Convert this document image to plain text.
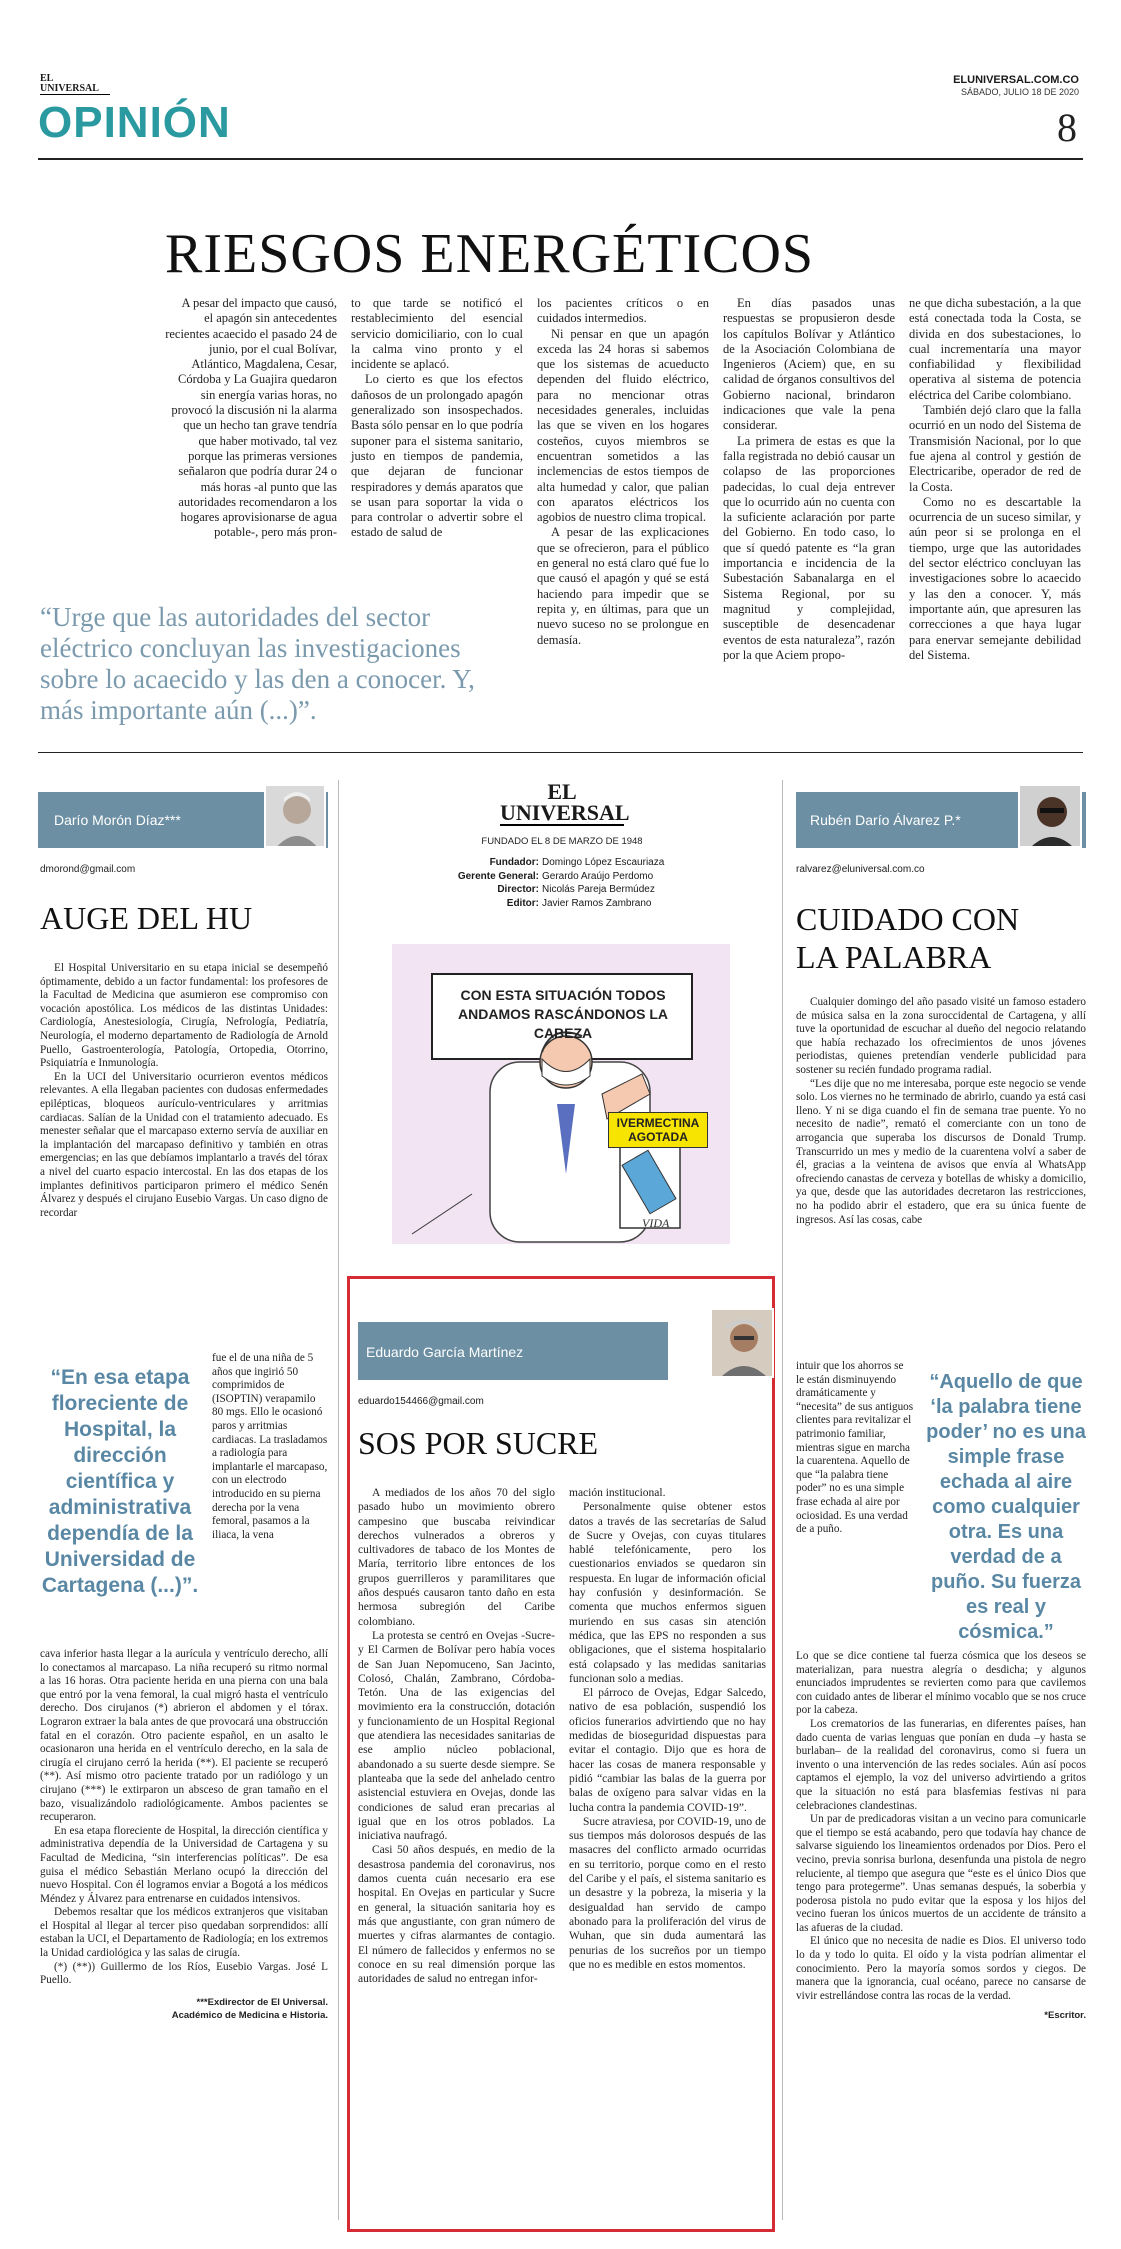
EL
UNIVERSAL
ELUNIVERSAL.COM.CO
SÁBADO, JULIO 18 DE 2020
OPINIÓN	8
RIESGOS ENERGÉTICOS

A pesar del impacto que causó, el apagón sin antecedentes recientes acaecido el pasado 24 de junio, por el cual Bolívar, Atlántico, Magdalena, Cesar, Córdoba y La Guajira quedaron sin energía varias horas, no provocó la discusión ni la alarma que un hecho tan grave tendría que haber motivado, tal vez porque las primeras versiones señalaron que podría durar 24 o más horas -al punto que las autoridades recomendaron a los hogares aprovisionarse de agua potable-, pero más pron-

to que tarde se notificó el restablecimiento del esencial servicio domiciliario, con lo cual la calma vino pronto y el incidente se aplacó.

Lo cierto es que los efectos dañosos de un prolongado apagón generalizado son insospechados. Basta sólo pensar en lo que podría suponer para el sistema sanitario, justo en tiempos de pandemia, que dejaran de funcionar respiradores y demás aparatos que se usan para soportar la vida o para controlar o advertir sobre el estado de salud de

los pacientes críticos o en cuidados intermedios.

Ni pensar en que un apagón exceda las 24 horas si sabemos que los sistemas de acueducto dependen del fluido eléctrico, para no mencionar otras necesidades generales, incluidas las que se viven en los hogares costeños, cuyos miembros se encuentran sometidos a las inclemencias de estos tiempos de alta humedad y calor, que palian con aparatos eléctricos los agobios de nuestro clima tropical.

A pesar de las explicaciones que se ofrecieron, para el público en general no está claro qué fue lo que causó el apagón y qué se está haciendo para impedir que se repita y, en últimas, para que un nuevo suceso no se prolongue en demasía.

En días pasados unas respuestas se propusieron desde los capítulos Bolívar y Atlántico de la Asociación Colombiana de Ingenieros (Aciem) que, en su calidad de órganos consultivos del Gobierno nacional, brindaron indicaciones que vale la pena considerar.

La primera de estas es que la falla registrada no debió causar un colapso de las proporciones padecidas, lo cual deja entrever que lo ocurrido aún no cuenta con la suficiente aclaración por parte del Gobierno. En todo caso, lo que sí quedó patente es “la gran importancia e incidencia de la Subestación Sabanalarga en el Sistema Regional, por su magnitud y complejidad, susceptible de desencadenar eventos de esta naturaleza”, razón por la que Aciem propo-

ne que dicha subestación, a la que está conectada toda la Costa, se divida en dos subestaciones, lo cual incrementaría una mayor confiabilidad y flexibilidad operativa al sistema de potencia eléctrica del Caribe colombiano.

También dejó claro que la falla ocurrió en un nodo del Sistema de Transmisión Nacional, por lo que fue ajena al control y gestión de Electricaribe, operador de red de la Costa.

Como no es descartable la ocurrencia de un suceso similar, y aún peor si se prolonga en el tiempo, urge que las autoridades del sector eléctrico concluyan las investigaciones sobre lo acaecido y las den a conocer. Y, más importante aún, que apresuren las correcciones a que haya lugar para enervar semejante debilidad del Sistema.

“Urge que las autoridades del sector eléctrico concluyan las investigaciones sobre lo acaecido y las den a conocer. Y, más importante aún (...)”.
Darío Morón Díaz***
dmorond@gmail.com
AUGE DEL HU

El Hospital Universitario en su etapa inicial se desempeñó óptimamente, debido a un factor fundamental: los profesores de la Facultad de Medicina que asumieron ese compromiso con vocación apostólica. Los médicos de las distintas Unidades: Cardiología, Anestesiología, Cirugía, Nefrología, Pediatría, Neurología, el moderno departamento de Radiología de Arnold Puello, Gastroenterología, Patología, Ortopedia, Otorrino, Psiquiatría e Inmunología.

En la UCI del Universitario ocurrieron eventos médicos relevantes. A ella llegaban pacientes con dudosas enfermedades epilépticas, bloqueos aurículo-ventriculares y arritmias cardiacas. Salían de la Unidad con el tratamiento adecuado. Es menester señalar que el marcapaso externo servía de auxiliar en la implantación del marcapaso definitivo y también en otras emergencias; en las que debíamos implantarlo a través del tórax a nivel del cuarto espacio intercostal. En las dos etapas de los implantes definitivos participaron primero el médico Senén Álvarez y después el cirujano Eusebio Vargas. Un caso digno de recordar

“En esa etapa floreciente de Hospital, la dirección científica y administrativa dependía de la Universidad de Cartagena (...)”.

fue el de una niña de 5 años que ingirió 50 comprimidos de (ISOPTIN) verapamilo 80 mgs. Ello le ocasionó paros y arritmias cardiacas. La trasladamos a radiología para implantarle el marcapaso, con un electrodo introducido en su pierna derecha por la vena femoral, pasamos a la iliaca, la vena

cava inferior hasta llegar a la aurícula y ventrículo derecho, allí lo conectamos al marcapaso. La niña recuperó su ritmo normal a las 16 horas. Otra paciente herida en una pierna con una bala que entró por la vena femoral, la cual migró hasta el ventrículo derecho. Dos cirujanos (*) abrieron el abdomen y el tórax. Lograron extraer la bala antes de que provocará una obstrucción fatal en el corazón. Otro paciente español, en un asalto le ocasionaron una herida en el ventrículo derecho, en la sala de cirugía el cirujano cerró la herida (**). El paciente se recuperó (**). Así mismo otro paciente tratado por un radiólogo y un cirujano (***) le extirparon un absceso de gran tamaño en el bazo, visualizándolo radiológicamente. Ambos pacientes se recuperaron.

En esa etapa floreciente de Hospital, la dirección científica y administrativa dependía de la Universidad de Cartagena y su Facultad de Medicina, “sin interferencias políticas”. De esa guisa el médico Sebastián Merlano ocupó la dirección del nuevo Hospital. Con él logramos enviar a Bogotá a los médicos Méndez y Álvarez para entrenarse en cuidados intensivos.

Debemos resaltar que los médicos extranjeros que visitaban el Hospital al llegar al tercer piso quedaban sorprendidos: allí estaban la UCI, el Departamento de Radiología; en los extremos la Unidad cardiológica y las salas de cirugía.

(*) (**)) Guillermo de los Ríos, Eusebio Vargas. José L Puello.

***Exdirector de El Universal. Académico de Medicina e Historia.

EL
UNIVERSAL
FUNDADO EL 8 DE MARZO DE 1948
Fundador: Domingo López Escauriaza
Gerente General: Gerardo Araújo Perdomo
Director: Nicolás Pareja Bermúdez
Editor: Javier Ramos Zambrano
CON ESTA SITUACIÓN TODOS ANDAMOS RASCÁNDONOS LA CABEZA
IVERMECTINA AGOTADA
VIDA
Eduardo García Martínez
eduardo154466@gmail.com
SOS POR SUCRE

A mediados de los años 70 del siglo pasado hubo un movimiento obrero campesino que buscaba reivindicar derechos vulnerados a obreros y cultivadores de tabaco de los Montes de María, territorio libre entonces de los grupos guerrilleros y paramilitares que años después causaron tanto daño en esta hermosa subregión del Caribe colombiano.

La protesta se centró en Ovejas -Sucre- y El Carmen de Bolívar pero había voces de San Juan Nepomuceno, San Jacinto, Colosó, Chalán, Zambrano, Córdoba-Tetón. Una de las exigencias del movimiento era la construcción, dotación y funcionamiento de un Hospital Regional que atendiera las necesidades sanitarias de ese amplio núcleo poblacional, abandonado a su suerte desde siempre. Se planteaba que la sede del anhelado centro asistencial estuviera en Ovejas, donde las condiciones de salud eran precarias al igual que en los otros poblados. La iniciativa naufragó.

Casi 50 años después, en medio de la desastrosa pandemia del coronavirus, nos damos cuenta cuán necesario era ese hospital. En Ovejas en particular y Sucre en general, la situación sanitaria hoy es más que angustiante, con gran número de muertes y cifras alarmantes de contagio. El número de fallecidos y enfermos no se conoce en su real dimensión porque las autoridades de salud no entregan infor-

mación institucional.

Personalmente quise obtener estos datos a través de las secretarías de Salud de Sucre y Ovejas, con cuyas titulares hablé telefónicamente, pero los cuestionarios enviados se quedaron sin respuesta. En lugar de información oficial hay confusión y desinformación. Se comenta que muchos enfermos siguen muriendo en sus casas sin atención médica, que las EPS no responden a sus obligaciones, que el sistema hospitalario está colapsado y las medidas sanitarias funcionan solo a medias.

El párroco de Ovejas, Edgar Salcedo, nativo de esa población, suspendió los oficios funerarios advirtiendo que no hay medidas de bioseguridad dispuestas para evitar el contagio. Dijo que es hora de hacer las cosas de manera responsable y pidió “cambiar las balas de la guerra por balas de oxígeno para salvar vidas en la lucha contra la pandemia COVID-19”.

Sucre atraviesa, por COVID-19, uno de sus tiempos más dolorosos después de las masacres del conflicto armado ocurridas en su territorio, porque como en el resto del Caribe y el país, el sistema sanitario es un desastre y la pobreza, la miseria y la desigualdad han servido de campo abonado para la proliferación del virus de Wuhan, que sin duda aumentará las penurias de los sucreños por un tiempo que no es medible en estos momentos.

Rubén Darío Álvarez P.*
ralvarez@eluniversal.com.co
CUIDADO CON LA PALABRA

Cualquier domingo del año pasado visité un famoso estadero de música salsa en la zona suroccidental de Cartagena, y allí tuve la oportunidad de escuchar al dueño del negocio relatando que había rechazado los ofrecimientos de unos jóvenes periodistas, quienes pretendían venderle publicidad para sostener su recién fundado programa radial.

“Les dije que no me interesaba, porque este negocio se vende solo. Los viernes no he terminado de abrirlo, cuando ya está casi lleno. Y ni se diga cuando el fin de semana trae puente. Yo no necesito de nadie”, remató el comerciante con un tono de arrogancia que superaba los discursos de Donald Trump. Transcurrido un mes y medio de la cuarentena volví a saber de él, gracias a la veintena de avisos que envía al WhatsApp ofreciendo canastas de cerveza y botellas de whisky a domicilio, ya que, desde que las autoridades decretaron las restricciones, no ha podido abrir el estadero, que era su única fuente de ingresos. Así las cosas, cabe

intuir que los ahorros se le están disminuyendo dramáticamente y “necesita” de sus antiguos clientes para revitalizar el patrimonio familiar, mientras sigue en marcha la cuarentena. Aquello de que “la palabra tiene poder” no es una simple frase echada al aire por ociosidad. Es una verdad de a puño.

“Aquello de que ‘la palabra tiene poder’ no es una simple frase echada al aire como cualquier otra. Es una verdad de a puño. Su fuerza es real y cósmica.”

Lo que se dice contiene tal fuerza cósmica que los deseos se materializan, para nuestra alegría o desdicha; y algunos enunciados imprudentes se revierten como para que cavilemos con cuidado antes de liberar el mínimo vocablo que se nos cruce por la cabeza.

Los crematorios de las funerarias, en diferentes países, han dado cuenta de varias lenguas que ponían en duda –y hasta se burlaban– de la realidad del coronavirus, como si fuera un invento o una intervención de las redes sociales. Aún así pocos captamos el ejemplo, la voz del universo advirtiendo a gritos que la situación no está para blasfemias festivas ni para celebraciones clandestinas.

Un par de predicadoras visitan a un vecino para comunicarle que el tiempo se está acabando, pero que todavía hay chance de salvarse siguiendo los lineamientos ordenados por Dios. Pero el vecino, previa sonrisa burlona, desenfunda una pistola de negro reluciente, al tiempo que asegura que “este es el único Dios que tengo para protegerme”. Unas semanas después, la soberbia y poderosa pistola no pudo evitar que la esposa y los hijos del vecino fueran los únicos muertos de un accidente de tránsito a las afueras de la ciudad.

El único que no necesita de nadie es Dios. El universo todo lo da y todo lo quita. El oído y la vista podrían alimentar el conocimiento. Pero la mayoría somos sordos y ciegos. De manera que la ignorancia, cual océano, parece no cansarse de vivir estrellándose contra las rocas de la verdad.

*Escritor.
